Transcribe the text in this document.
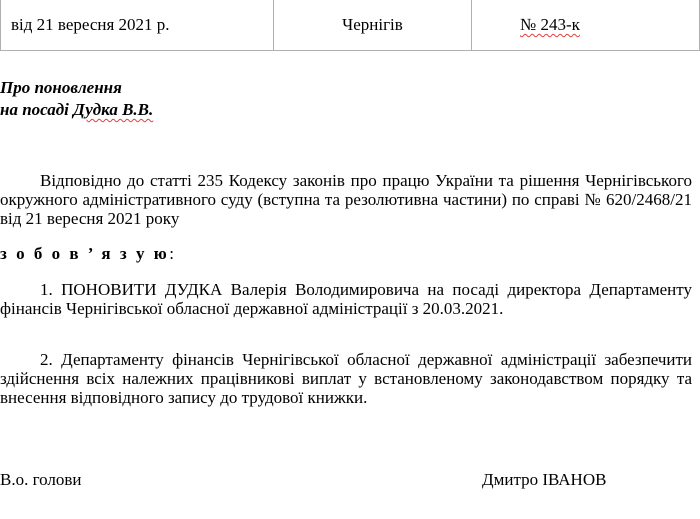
від 21 вересня 2021 р.	Чернігів	№ 243-к
Про поновлення
на посаді Дудка В.В.
Відповідно до статті 235 Кодексу законів про працю України та рішення Чернігівського окружного адміністративного суду (вступна та резолютивна частини) по справі № 620/2468/21 від 21 вересня 2021 року
з о б о в ’ я з у ю:
1. ПОНОВИТИ ДУДКА Валерія Володимировича на посаді директора Департаменту фінансів Чернігівської обласної державної адміністрації з 20.03.2021.
2. Департаменту фінансів Чернігівської обласної державної адміністрації забезпечити здійснення всіх належних працівникові виплат у встановленому законодавством порядку та внесення відповідного запису до трудової книжки.
В.о. голови	Дмитро ІВАНОВ
